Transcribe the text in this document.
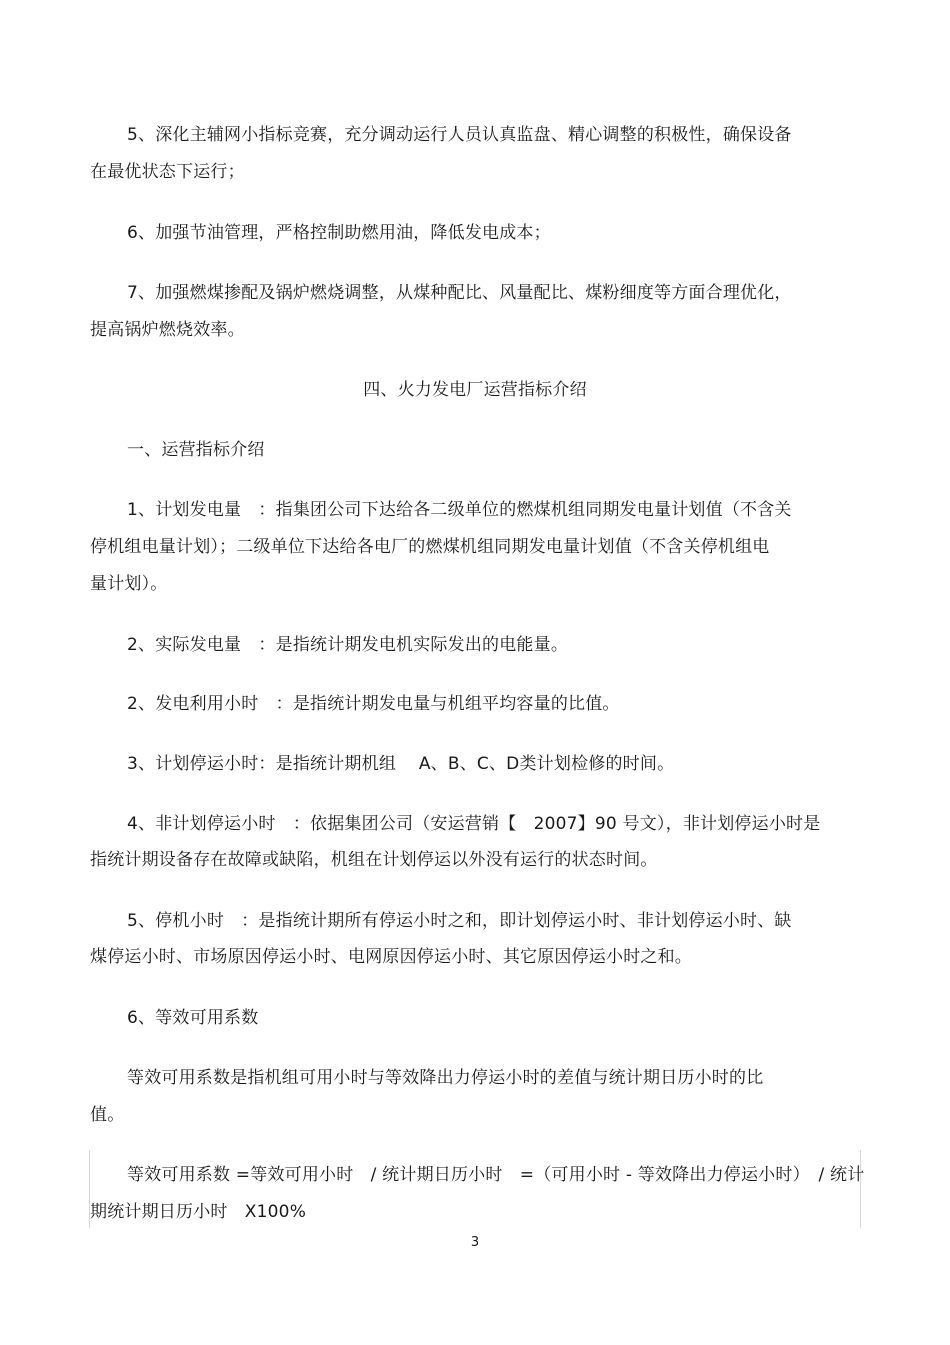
5、深化主辅网小指标竞赛，充分调动运行人员认真监盘、精心调整的积极性，确保设备
在最优状态下运行；
6、加强节油管理，严格控制助燃用油，降低发电成本；
7、加强燃煤掺配及锅炉燃烧调整，从煤种配比、风量配比、煤粉细度等方面合理优化，
提高锅炉燃烧效率。
四、火力发电厂运营指标介绍
一、运营指标介绍
1、计划发电量　：指集团公司下达给各二级单位的燃煤机组同期发电量计划值（不含关
停机组电量计划）；二级单位下达给各电厂的燃煤机组同期发电量计划值（不含关停机组电
量计划）。
2、实际发电量　：是指统计期发电机实际发出的电能量。
2、发电利用小时　：是指统计期发电量与机组平均容量的比值。
3、计划停运小时：是指统计期机组　 A、B、C、D类计划检修的时间。
4、非计划停运小时　：依据集团公司（安运营销【　2007】90 号文），非计划停运小时是
指统计期设备存在故障或缺陷，机组在计划停运以外没有运行的状态时间。
5、停机小时　：是指统计期所有停运小时之和，即计划停运小时、非计划停运小时、缺
煤停运小时、市场原因停运小时、电网原因停运小时、其它原因停运小时之和。
6、等效可用系数
等效可用系数是指机组可用小时与等效降出力停运小时的差值与统计期日历小时的比
值。
等效可用系数 =等效可用小时　/ 统计期日历小时　=（可用小时 - 等效降出力停运小时）　/ 统计
期统计期日历小时　X100%
3
